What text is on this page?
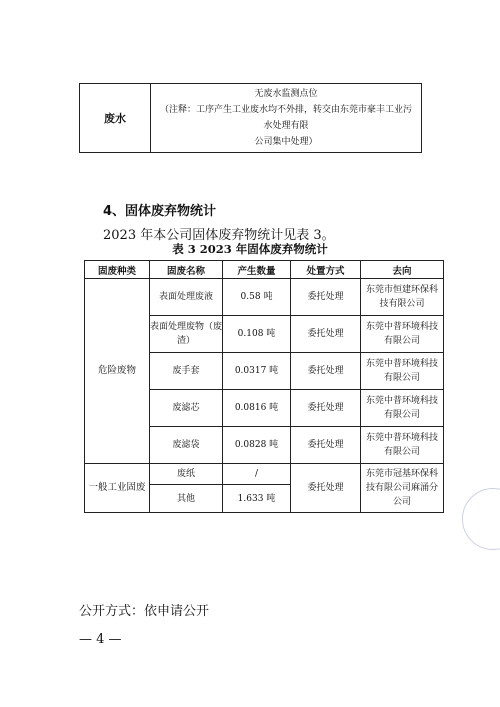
废水	
无废水监测点位
（注释：工序产生工业废水均不外排，转交由东莞市豪丰工业污水处理有限
公司集中处理）
4、固体废弃物统计
2023 年本公司固体废弃物统计见表 3。
表 3 2023 年固体废弃物统计
固废种类	固废名称	产生数量	处置方式	去向
危险废物	表面处理废液	0.58 吨	委托处理	东莞市恒建环保科技有限公司
	表面处理废物（废渣）	0.108 吨	委托处理	东莞中普环境科技有限公司
	废手套	0.0317 吨	委托处理	东莞中普环境科技有限公司
	废滤芯	0.0816 吨	委托处理	东莞中普环境科技有限公司
	废滤袋	0.0828 吨	委托处理	东莞中普环境科技有限公司
一般工业固废	废纸	/	委托处理	东莞市冠基环保科技有限公司麻涌分公司
	其他	1.633 吨		
公开方式：依申请公开
— 4 —
